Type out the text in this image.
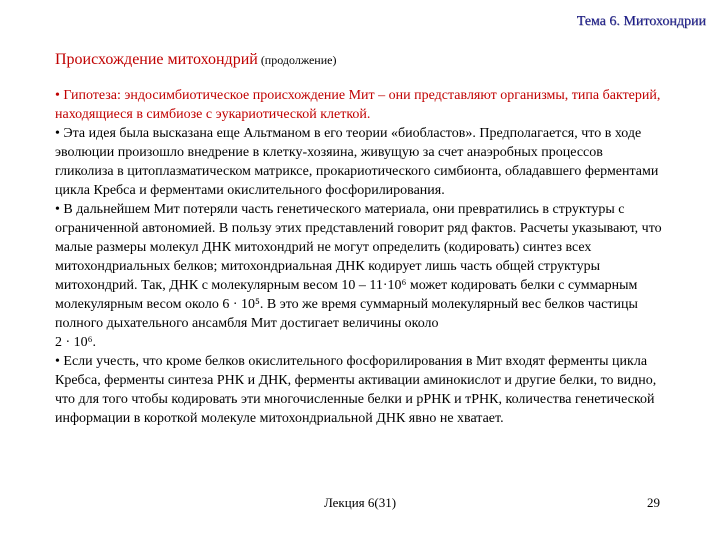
Тема 6. Митохондрии
Происхождение митохондрий (продолжение)

• Гипотеза: эндосимбиотическое происхождение Мит – они представляют организмы, типа бактерий, находящиеся в симбиозе с эукариотической клеткой.

• Эта идея была высказана еще Альтманом в его теории «биобластов». Предполагается, что в ходе эволюции произошло внедрение в клетку-хозяина, живущую за счет анаэробных процессов гликолиза в цитоплазматическом матриксе, прокариотического симбионта, обладавшего ферментами цикла Кребса и ферментами окислительного фосфорилирования.

• В дальнейшем Мит потеряли часть генетического материала, они превратились в структуры с ограниченной автономией. В пользу этих представлений говорит ряд фактов. Расчеты указывают, что малые размеры молекул ДНК митохондрий не могут определить (кодировать) синтез всех митохондриальных белков; митохондриальная ДНК кодирует лишь часть общей структуры митохондрий. Так, ДНК с молекулярным весом 10 – 11·10⁶ может кодировать белки с суммарным молекулярным весом около 6 · 10⁵. В это же время суммарный молекулярный вес белков частицы полного дыхательного ансамбля Мит достигает величины около

2 · 10⁶.

• Если учесть, что кроме белков окислительного фосфорилирования в Мит входят ферменты цикла Кребса, ферменты синтеза РНК и ДНК, ферменты активации аминокислот и другие белки, то видно, что для того чтобы кодировать эти многочисленные белки и рРНК и тРНК, количества генетической информации в короткой молекуле митохондриальной ДНК явно не хватает.

Лекция 6(31)	29
